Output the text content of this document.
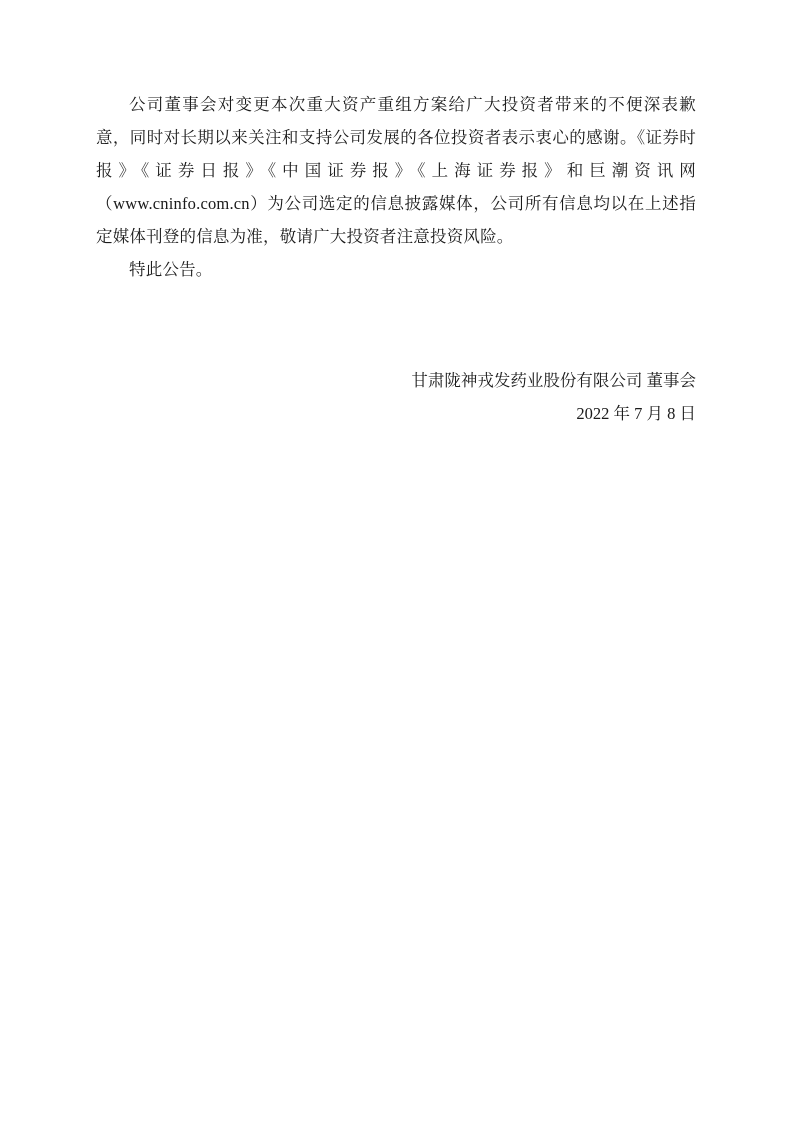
公司董事会对变更本次重大资产重组方案给广大投资者带来的不便深表歉意，同时对长期以来关注和支持公司发展的各位投资者表示衷心的感谢。《证券时报》《证券日报》《中国证券报》《上海证券报》和巨潮资讯网（www.cninfo.com.cn）为公司选定的信息披露媒体，公司所有信息均以在上述指定媒体刊登的信息为准，敬请广大投资者注意投资风险。

特此公告。

甘肃陇神戎发药业股份有限公司 董事会
2022 年 7 月 8 日
